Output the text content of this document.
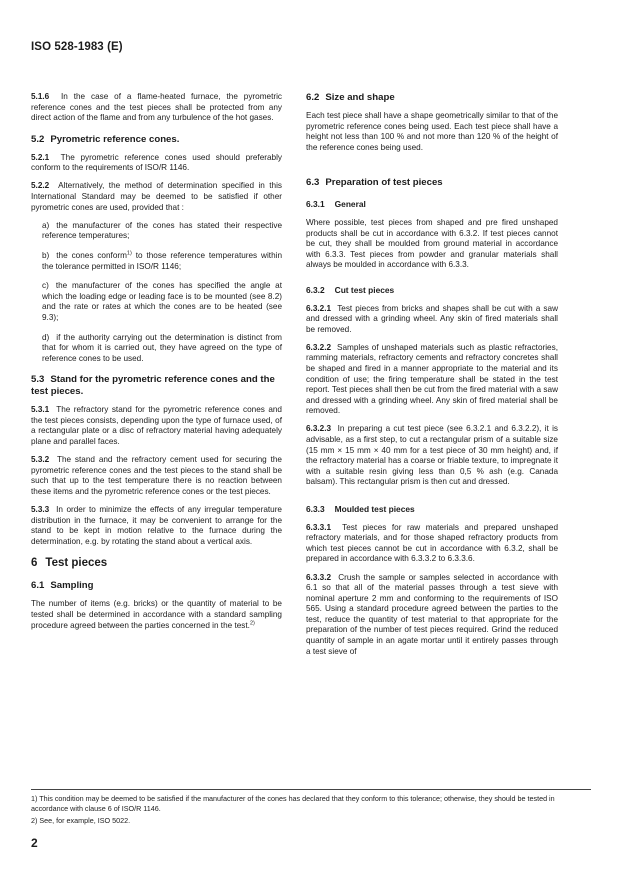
ISO 528-1983 (E)

5.1.6 In the case of a flame-heated furnace, the pyrometric reference cones and the test pieces shall be protected from any direct action of the flame and from any turbulence of the hot gases.

5.2 Pyrometric reference cones.

5.2.1 The pyrometric reference cones used should preferably conform to the requirements of ISO/R 1146.

5.2.2 Alternatively, the method of determination specified in this International Standard may be deemed to be satisfied if other pyrometric cones are used, provided that :

a) the manufacturer of the cones has stated their respective reference temperatures;
b) the cones conform$^{1)}$ to those reference temperatures within the tolerance permitted in ISO/R 1146;
c) the manufacturer of the cones has specified the angle at which the loading edge or leading face is to be mounted (see 8.2) and the rate or rates at which the cones are to be heated (see 9.3);
d) if the authority carrying out the determination is distinct from that for whom it is carried out, they have agreed on the type of reference cones to be used.
5.3 Stand for the pyrometric reference cones and the test pieces.

5.3.1 The refractory stand for the pyrometric reference cones and the test pieces consists, depending upon the type of furnace used, of a rectangular plate or a disc of refractory material having adequately plane and parallel faces.

5.3.2 The stand and the refractory cement used for securing the pyrometric reference cones and the test pieces to the stand shall be such that up to the test temperature there is no reaction between these items and the pyrometric reference cones or the test pieces.

5.3.3 In order to minimize the effects of any irregular temperature distribution in the furnace, it may be convenient to arrange for the stand to be kept in motion relative to the furnace during the determination, e.g. by rotating the stand about a vertical axis.

6 Test pieces
6.1 Sampling

The number of items (e.g. bricks) or the quantity of material to be tested shall be determined in accordance with a standard sampling procedure agreed between the parties concerned in the test.$^{2)}$

6.2 Size and shape

Each test piece shall have a shape geometrically similar to that of the pyrometric reference cones being used. Each test piece shall have a height not less than 100 % and not more than 120 % of the height of the reference cones being used.

6.3 Preparation of test pieces
6.3.1 General

Where possible, test pieces from shaped and pre fired unshaped products shall be cut in accordance with 6.3.2. If test pieces cannot be cut, they shall be moulded from ground material in accordance with 6.3.3. Test pieces from powder and granular materials shall always be moulded in accordance with 6.3.3.

6.3.2 Cut test pieces

6.3.2.1 Test pieces from bricks and shapes shall be cut with a saw and dressed with a grinding wheel. Any skin of fired materials shall be removed.

6.3.2.2 Samples of unshaped materials such as plastic refractories, ramming materials, refractory cements and refractory concretes shall be shaped and fired in a manner appropriate to the material and its condition of use; the firing temperature shall be stated in the test report. Test pieces shall then be cut from the fired material with a saw and dressed with a grinding wheel. Any skin of fired material shall be removed.

6.3.2.3 In preparing a cut test piece (see 6.3.2.1 and 6.3.2.2), it is advisable, as a first step, to cut a rectangular prism of a suitable size (15 mm × 15 mm × 40 mm for a test piece of 30 mm height) and, if the refractory material has a coarse or friable texture, to impregnate it with a suitable resin giving less than 0,5 % ash (e.g. Canada balsam). This rectangular prism is then cut and dressed.

6.3.3 Moulded test pieces

6.3.3.1 Test pieces for raw materials and prepared unshaped refractory materials, and for those shaped refractory products from which test pieces cannot be cut in accordance with 6.3.2, shall be prepared in accordance with 6.3.3.2 to 6.3.3.6.

6.3.3.2 Crush the sample or samples selected in accordance with 6.1 so that all of the material passes through a test sieve with nominal aperture 2 mm and conforming to the requirements of ISO 565. Using a standard procedure agreed between the parties to the test, reduce the quantity of test material to that appropriate for the preparation of the number of test pieces required. Grind the reduced quantity of sample in an agate mortar until it entirely passes through a test sieve of

1) This condition may be deemed to be satisfied if the manufacturer of the cones has declared that they conform to this tolerance; otherwise, they should be tested in accordance with clause 6 of ISO/R 1146.
2) See, for example, ISO 5022.
2
